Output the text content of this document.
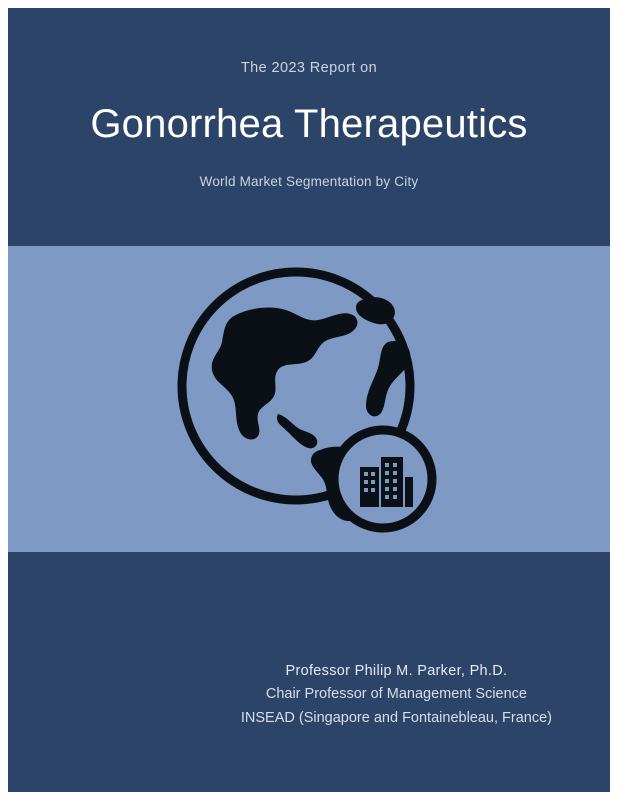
The 2023 Report on
Gonorrhea Therapeutics
World Market Segmentation by City
Professor Philip M. Parker, Ph.D.
Chair Professor of Management Science
INSEAD (Singapore and Fontainebleau, France)
